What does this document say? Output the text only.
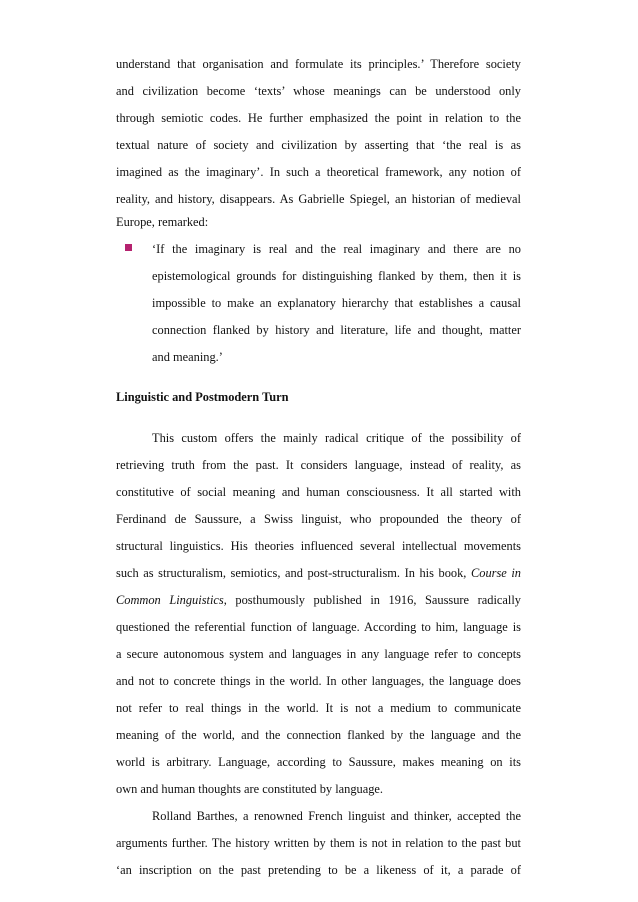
understand that organisation and formulate its principles.’ Therefore society
and civilization become ‘texts’ whose meanings can be understood only
through semiotic codes. He further emphasized the point in relation to the
textual nature of society and civilization by asserting that ‘the real is as
imagined as the imaginary’. In such a theoretical framework, any notion of
reality, and history, disappears. As Gabrielle Spiegel, an historian of medieval
Europe, remarked:
‘If the imaginary is real and the real imaginary and there are no
epistemological grounds for distinguishing flanked by them, then it is
impossible to make an explanatory hierarchy that establishes a causal
connection flanked by history and literature, life and thought, matter
and meaning.’
Linguistic and Postmodern Turn
This custom offers the mainly radical critique of the possibility of
retrieving truth from the past. It considers language, instead of reality, as
constitutive of social meaning and human consciousness. It all started with
Ferdinand de Saussure, a Swiss linguist, who propounded the theory of
structural linguistics. His theories influenced several intellectual movements
such as structuralism, semiotics, and post-structuralism. In his book, Course in
Common Linguistics, posthumously published in 1916, Saussure radically
questioned the referential function of language. According to him, language is
a secure autonomous system and languages in any language refer to concepts
and not to concrete things in the world. In other languages, the language does
not refer to real things in the world. It is not a medium to communicate
meaning of the world, and the connection flanked by the language and the
world is arbitrary. Language, according to Saussure, makes meaning on its
own and human thoughts are constituted by language.
Rolland Barthes, a renowned French linguist and thinker, accepted the
arguments further. The history written by them is not in relation to the past but
‘an inscription on the past pretending to be a likeness of it, a parade of
